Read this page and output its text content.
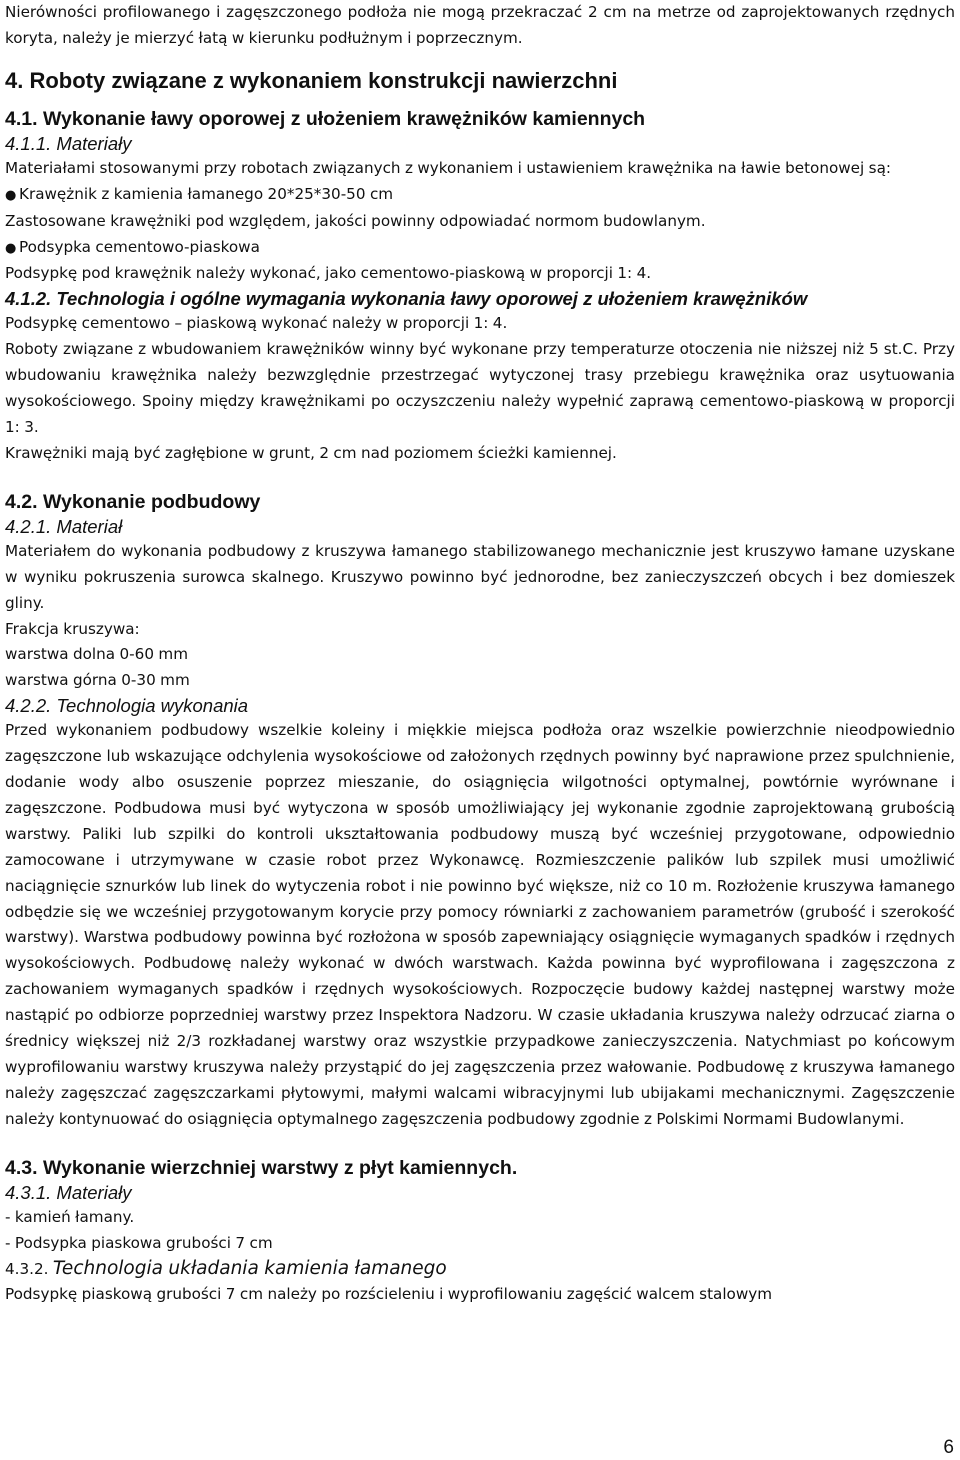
Nierówności profilowanego i zagęszczonego podłoża nie mogą przekraczać 2 cm na metrze od zaprojektowanych rzędnych koryta, należy je mierzyć łatą w kierunku podłużnym i poprzecznym.

4. Roboty związane z wykonaniem konstrukcji nawierzchni
4.1. Wykonanie ławy oporowej z ułożeniem krawężników kamiennych
4.1.1. Materiały

Materiałami stosowanymi przy robotach związanych z wykonaniem i ustawieniem krawężnika na ławie betonowej są:

● Krawężnik z kamienia łamanego 20*25*30-50 cm

Zastosowane krawężniki pod względem, jakości powinny odpowiadać normom budowlanym.

● Podsypka cementowo-piaskowa

Podsypkę pod krawężnik należy wykonać, jako cementowo-piaskową w proporcji 1: 4.

4.1.2. Technologia i ogólne wymagania wykonania ławy oporowej z ułożeniem krawężników

Podsypkę cementowo – piaskową wykonać należy w proporcji 1: 4.

Roboty związane z wbudowaniem krawężników winny być wykonane przy temperaturze otoczenia nie niższej niż 5 st.C. Przy wbudowaniu krawężnika należy bezwzględnie przestrzegać wytyczonej trasy przebiegu krawężnika oraz usytuowania wysokościowego. Spoiny między krawężnikami po oczyszczeniu należy wypełnić zaprawą cementowo-piaskową w proporcji 1: 3.

Krawężniki mają być zagłębione w grunt, 2 cm nad poziomem ścieżki kamiennej.

4.2. Wykonanie podbudowy
4.2.1. Materiał

Materiałem do wykonania podbudowy z kruszywa łamanego stabilizowanego mechanicznie jest kruszywo łamane uzyskane w wyniku pokruszenia surowca skalnego. Kruszywo powinno być jednorodne, bez zanieczyszczeń obcych i bez domieszek gliny.

Frakcja kruszywa:

warstwa dolna 0-60 mm

warstwa górna 0-30 mm

4.2.2. Technologia wykonania

Przed wykonaniem podbudowy wszelkie koleiny i miękkie miejsca podłoża oraz wszelkie powierzchnie nieodpowiednio zagęszczone lub wskazujące odchylenia wysokościowe od założonych rzędnych powinny być naprawione przez spulchnienie, dodanie wody albo osuszenie poprzez mieszanie, do osiągnięcia wilgotności optymalnej, powtórnie wyrównane i zagęszczone. Podbudowa musi być wytyczona w sposób umożliwiający jej wykonanie zgodnie zaprojektowaną grubością warstwy. Paliki lub szpilki do kontroli ukształtowania podbudowy muszą być wcześniej przygotowane, odpowiednio zamocowane i utrzymywane w czasie robot przez Wykonawcę. Rozmieszczenie palików lub szpilek musi umożliwić naciągnięcie sznurków lub linek do wytyczenia robot i nie powinno być większe, niż co 10 m. Rozłożenie kruszywa łamanego odbędzie się we wcześniej przygotowanym korycie przy pomocy równiarki z zachowaniem parametrów (grubość i szerokość warstwy). Warstwa podbudowy powinna być rozłożona w sposób zapewniający osiągnięcie wymaganych spadków i rzędnych wysokościowych. Podbudowę należy wykonać w dwóch warstwach. Każda powinna być wyprofilowana i zagęszczona z zachowaniem wymaganych spadków i rzędnych wysokościowych. Rozpoczęcie budowy każdej następnej warstwy może nastąpić po odbiorze poprzedniej warstwy przez Inspektora Nadzoru. W czasie układania kruszywa należy odrzucać ziarna o średnicy większej niż 2/3 rozkładanej warstwy oraz wszystkie przypadkowe zanieczyszczenia. Natychmiast po końcowym wyprofilowaniu warstwy kruszywa należy przystąpić do jej zagęszczenia przez wałowanie. Podbudowę z kruszywa łamanego należy zagęszczać zagęszczarkami płytowymi, małymi walcami wibracyjnymi lub ubijakami mechanicznymi. Zagęszczenie należy kontynuować do osiągnięcia optymalnego zagęszczenia podbudowy zgodnie z Polskimi Normami Budowlanymi.

4.3. Wykonanie wierzchniej warstwy z płyt kamiennych.
4.3.1. Materiały

- kamień łamany.

- Podsypka piaskowa grubości 7 cm

4.3.2. Technologia układania kamienia łamanego

Podsypkę piaskową grubości 7 cm należy po rozścieleniu i wyprofilowaniu zagęścić walcem stalowym

6
